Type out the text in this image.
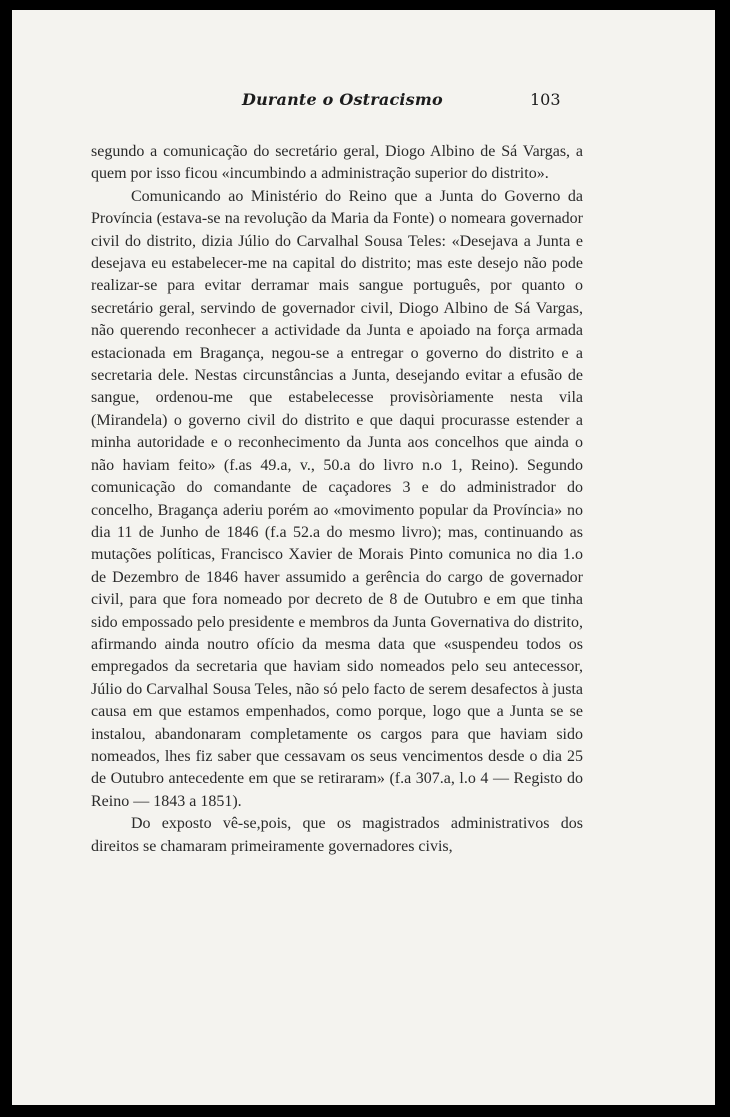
Durante o Ostracismo	103

segundo a comunicação do secretário geral, Diogo Albino de Sá Vargas, a quem por isso ficou «incumbindo a administração superior do distrito».

Comunicando ao Ministério do Reino que a Junta do Governo da Província (estava-se na revolução da Maria da Fonte) o nomeara governador civil do distrito, dizia Júlio do Carvalhal Sousa Teles: «Desejava a Junta e desejava eu estabelecer-me na capital do distrito; mas este desejo não pode realizar-se para evitar derramar mais sangue português, por quanto o secretário geral, servindo de governador civil, Diogo Albino de Sá Vargas, não querendo reconhecer a actividade da Junta e apoiado na força armada estacionada em Bragança, negou-se a entregar o governo do distrito e a secretaria dele. Nestas circunstâncias a Junta, desejando evitar a efusão de sangue, ordenou-me que estabelecesse provisòriamente nesta vila (Mirandela) o governo civil do distrito e que daqui procurasse estender a minha autoridade e o reconhecimento da Junta aos concelhos que ainda o não haviam feito» (f.as 49.a, v., 50.a do livro n.o 1, Reino). Segundo comunicação do comandante de caçadores 3 e do administrador do concelho, Bragança aderiu porém ao «movimento popular da Província» no dia 11 de Junho de 1846 (f.a 52.a do mesmo livro); mas, continuando as mutações políticas, Francisco Xavier de Morais Pinto comunica no dia 1.o de Dezembro de 1846 haver assumido a gerência do cargo de governador civil, para que fora nomeado por decreto de 8 de Outubro e em que tinha sido empossado pelo presidente e membros da Junta Governativa do distrito, afirmando ainda noutro ofício da mesma data que «suspendeu todos os empregados da secretaria que haviam sido nomeados pelo seu antecessor, Júlio do Carvalhal Sousa Teles, não só pelo facto de serem desafectos à justa causa em que estamos empenhados, como porque, logo que a Junta se se instalou, abandonaram completamente os cargos para que haviam sido nomeados, lhes fiz saber que cessavam os seus vencimentos desde o dia 25 de Outubro antecedente em que se retiraram» (f.a 307.a, l.o 4 — Registo do Reino — 1843 a 1851).

Do exposto vê-se,pois, que os magistrados administrativos dos direitos se chamaram primeiramente governadores civis,
